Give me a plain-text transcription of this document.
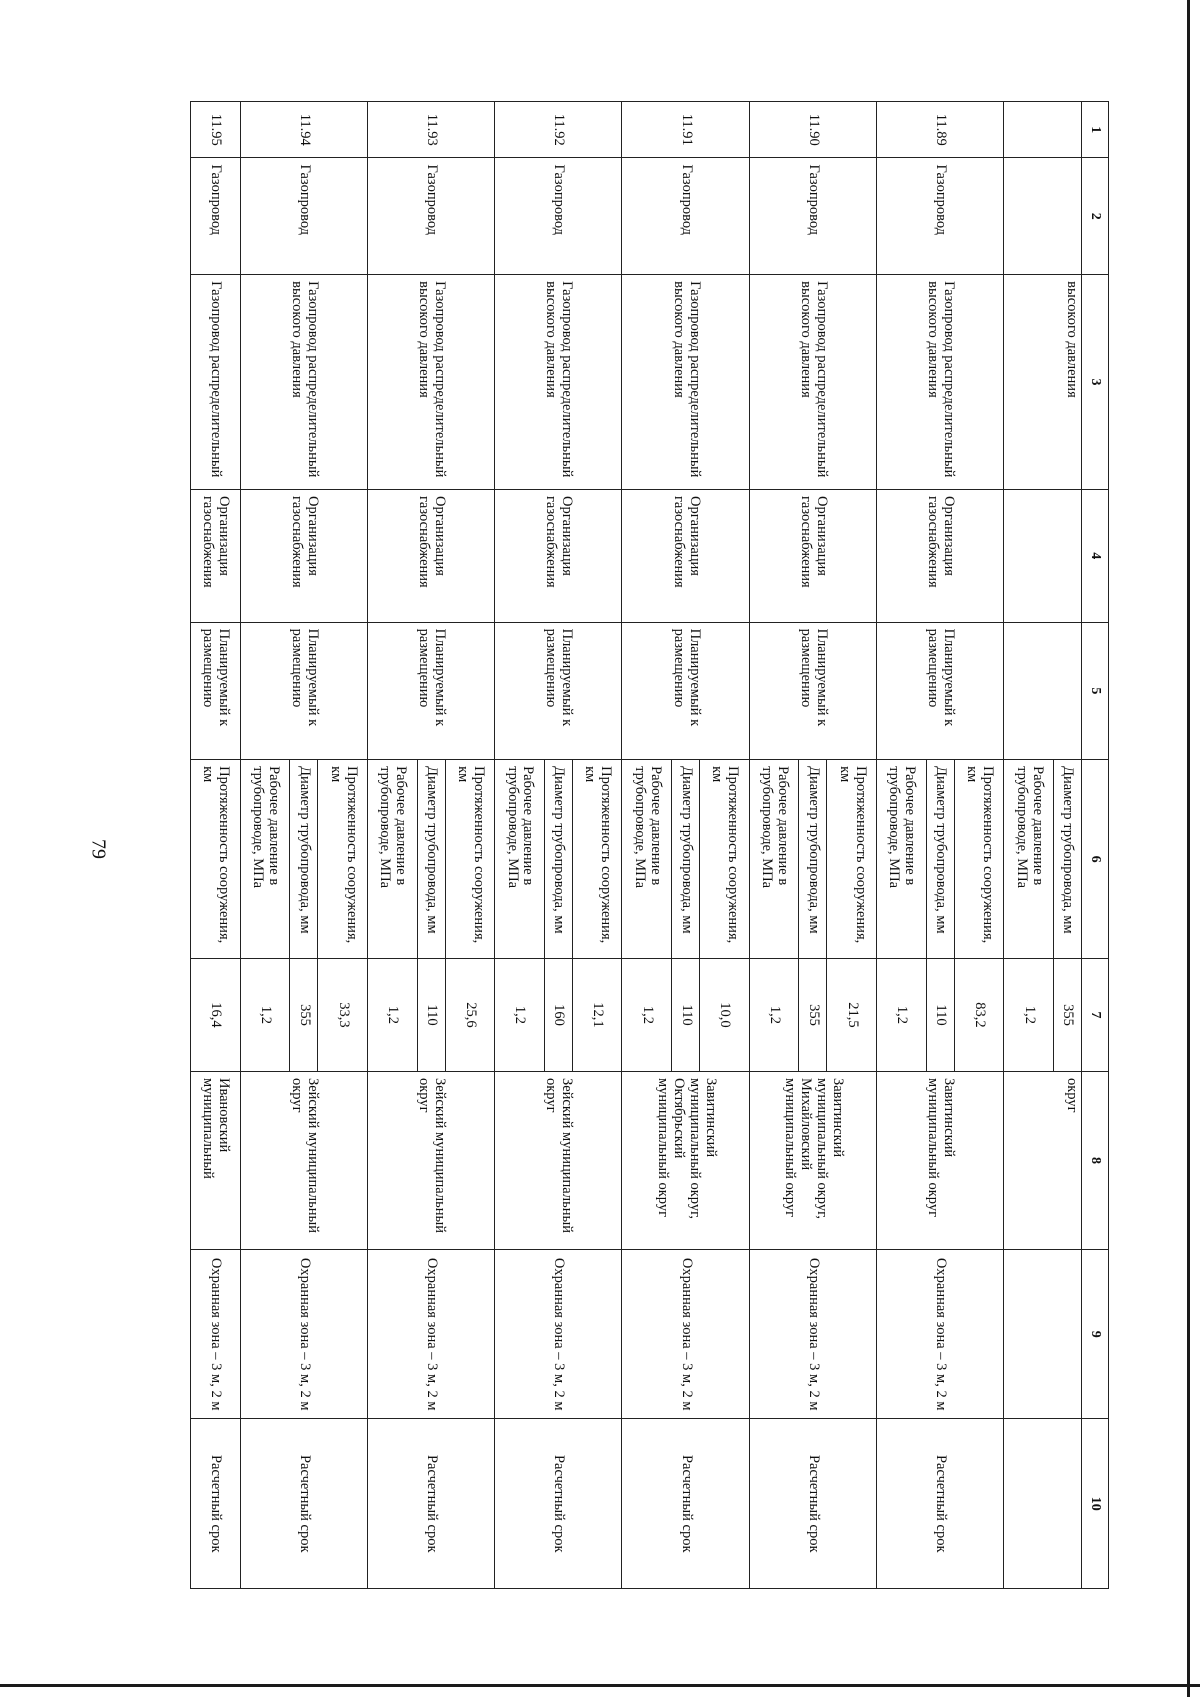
79
1	2	3	4	5	6	7	8	9	10
		высокого давления			Диаметр трубопровода, мм	355	округ		
					Рабочее давление в трубопроводе, МПа	1,2			
11.89	Газопровод	Газопровод распределительный высокого давления	Организация газоснабжения	Планируемый к размещению	Протяженность сооружения, км	83,2	Завитинский муниципальный округ	Охранная зона – 3 м, 2 м	Расчетный срок
					Диаметр трубопровода, мм	110			
					Рабочее давление в трубопроводе, МПа	1,2			
11.90	Газопровод	Газопровод распределительный высокого давления	Организация газоснабжения	Планируемый к размещению	Протяженность сооружения, км	21,5	Завитинский муниципальный округ, Михайловский муниципальный округ	Охранная зона – 3 м, 2 м	Расчетный срок
					Диаметр трубопровода, мм	355			
					Рабочее давление в трубопроводе, МПа	1,2			
11.91	Газопровод	Газопровод распределительный высокого давления	Организация газоснабжения	Планируемый к размещению	Протяженность сооружения, км	10,0	Завитинский муниципальный округ, Октябрьский муниципальный округ	Охранная зона – 3 м, 2 м	Расчетный срок
					Диаметр трубопровода, мм	110			
					Рабочее давление в трубопроводе, МПа	1,2			
11.92	Газопровод	Газопровод распределительный высокого давления	Организация газоснабжения	Планируемый к размещению	Протяженность сооружения, км	12,1	Зейский муниципальный округ	Охранная зона – 3 м, 2 м	Расчетный срок
					Диаметр трубопровода, мм	160			
					Рабочее давление в трубопроводе, МПа	1,2			
11.93	Газопровод	Газопровод распределительный высокого давления	Организация газоснабжения	Планируемый к размещению	Протяженность сооружения, км	25,6	Зейский муниципальный округ	Охранная зона – 3 м, 2 м	Расчетный срок
					Диаметр трубопровода, мм	110			
					Рабочее давление в трубопроводе, МПа	1,2			
11.94	Газопровод	Газопровод распределительный высокого давления	Организация газоснабжения	Планируемый к размещению	Протяженность сооружения, км	33,3	Зейский муниципальный округ	Охранная зона – 3 м, 2 м	Расчетный срок
					Диаметр трубопровода, мм	355			
					Рабочее давление в трубопроводе, МПа	1,2			
11.95	Газопровод	Газопровод распределительный	Организация газоснабжения	Планируемый к размещению	Протяженность сооружения, км	16,4	Ивановский муниципальный	Охранная зона – 3 м, 2 м	Расчетный срок
